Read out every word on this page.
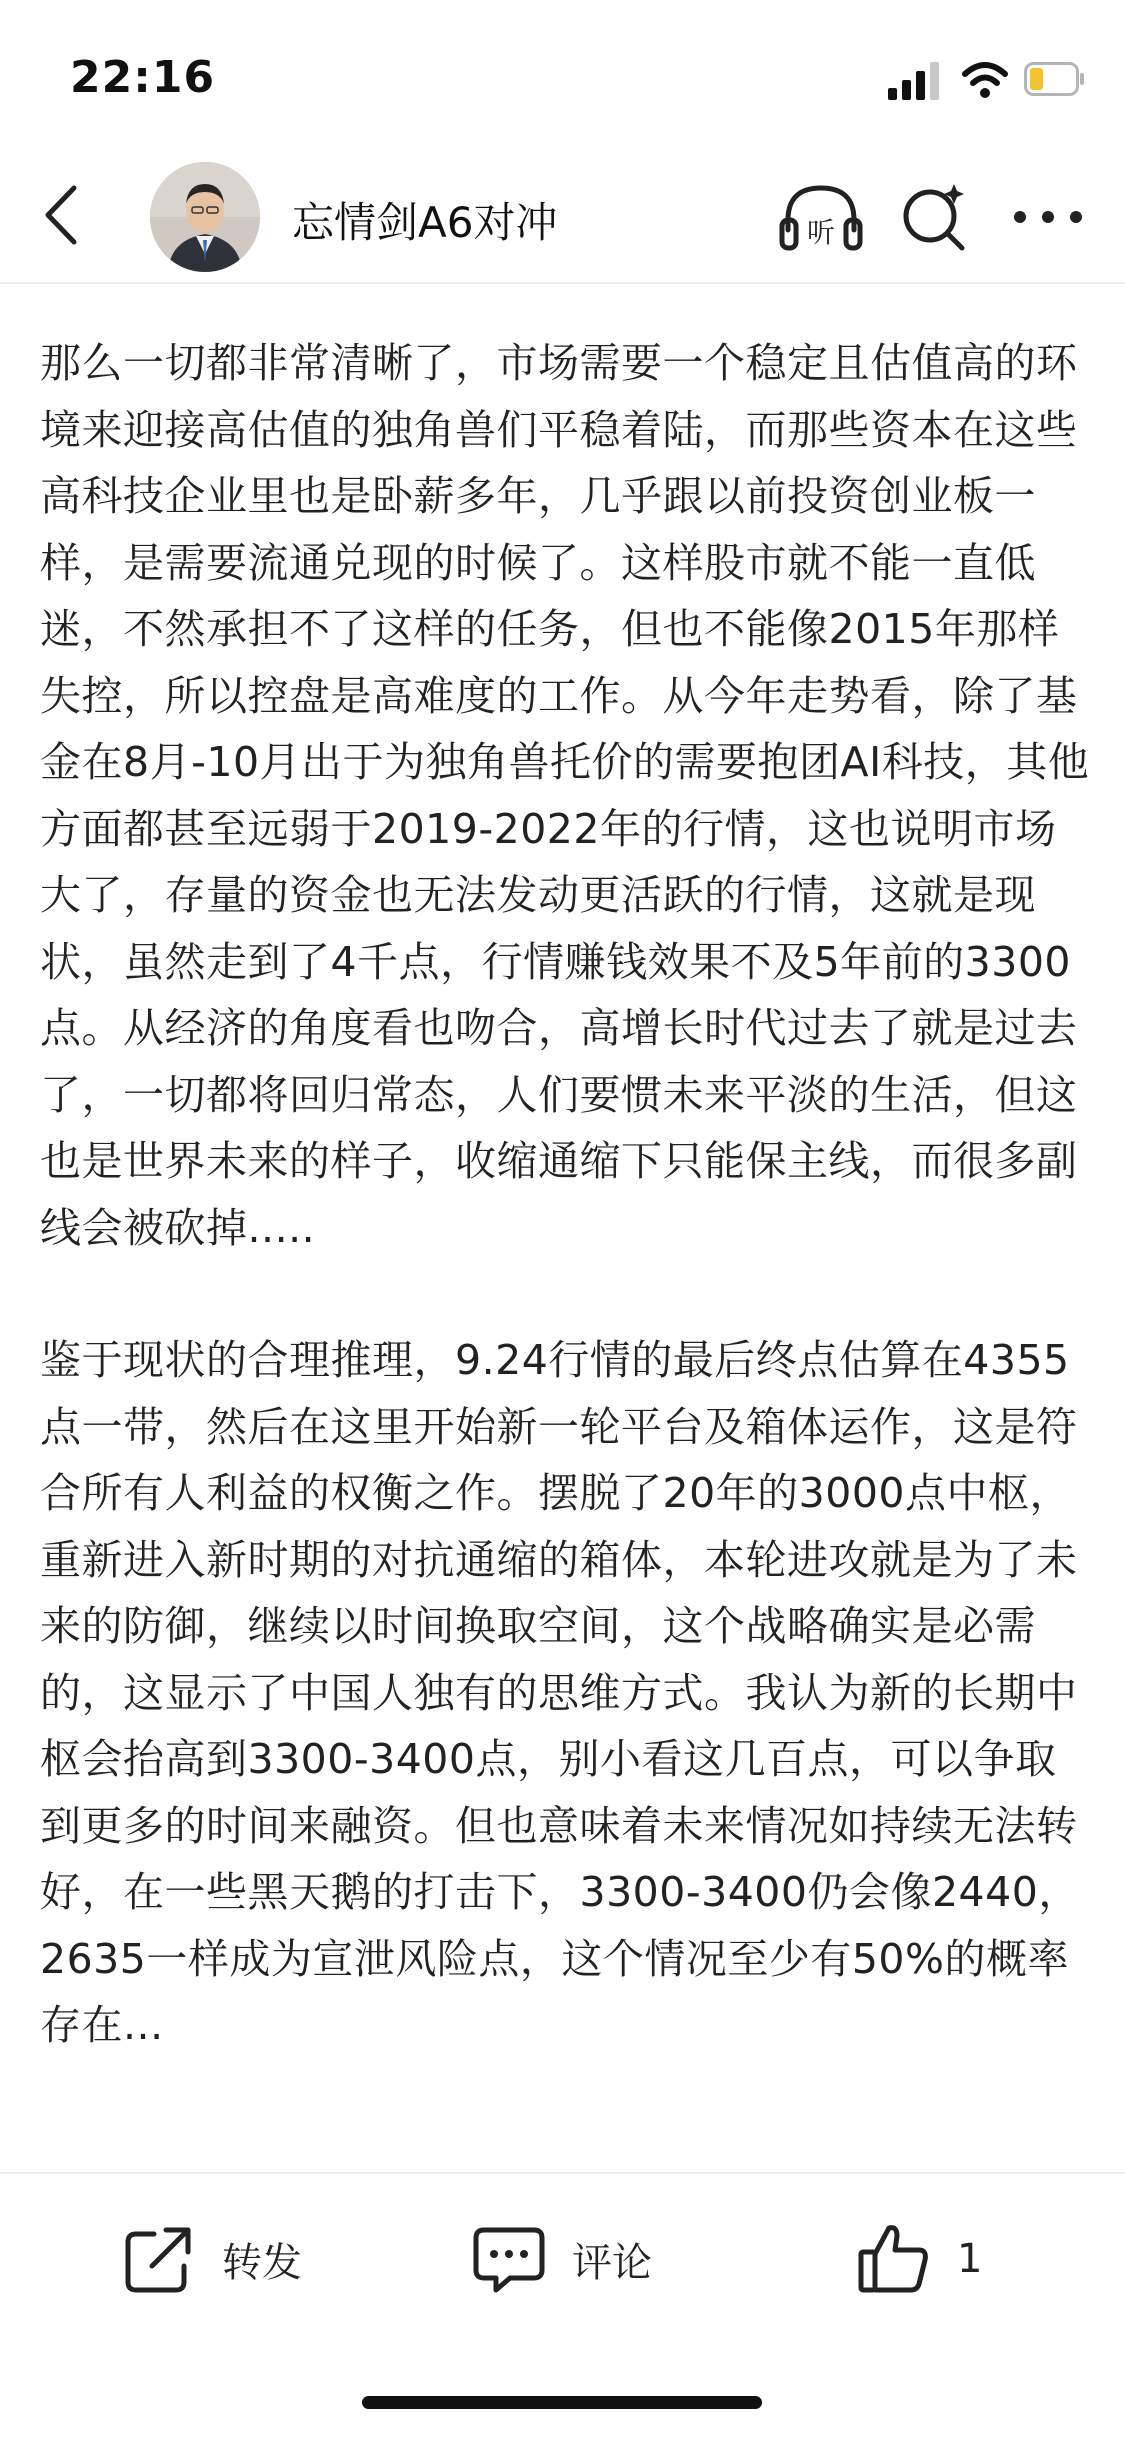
22:16
忘情剑A6对冲	听

那么一切都非常清晰了，市场需要一个稳定且估值高的环境来迎接高估值的独角兽们平稳着陆，而那些资本在这些高科技企业里也是卧薪多年，几乎跟以前投资创业板一样，是需要流通兑现的时候了。这样股市就不能一直低迷，不然承担不了这样的任务，但也不能像2015年那样失控，所以控盘是高难度的工作。从今年走势看，除了基金在8月-10月出于为独角兽托价的需要抱团AI科技，其他方面都甚至远弱于2019-2022年的行情，这也说明市场大了，存量的资金也无法发动更活跃的行情，这就是现状，虽然走到了4千点，行情赚钱效果不及5年前的3300点。从经济的角度看也吻合，高增长时代过去了就是过去了，一切都将回归常态，人们要惯未来平淡的生活，但这也是世界未来的样子，收缩通缩下只能保主线，而很多副线会被砍掉.....

鉴于现状的合理推理，9.24行情的最后终点估算在4355点一带，然后在这里开始新一轮平台及箱体运作，这是符合所有人利益的权衡之作。摆脱了20年的3000点中枢，重新进入新时期的对抗通缩的箱体，本轮进攻就是为了未来的防御，继续以时间换取空间，这个战略确实是必需的，这显示了中国人独有的思维方式。我认为新的长期中枢会抬高到3300-3400点，别小看这几百点，可以争取到更多的时间来融资。但也意味着未来情况如持续无法转好，在一些黑天鹅的打击下，3300-3400仍会像2440，2635一样成为宣泄风险点，这个情况至少有50%的概率存在...

转发	评论	1
